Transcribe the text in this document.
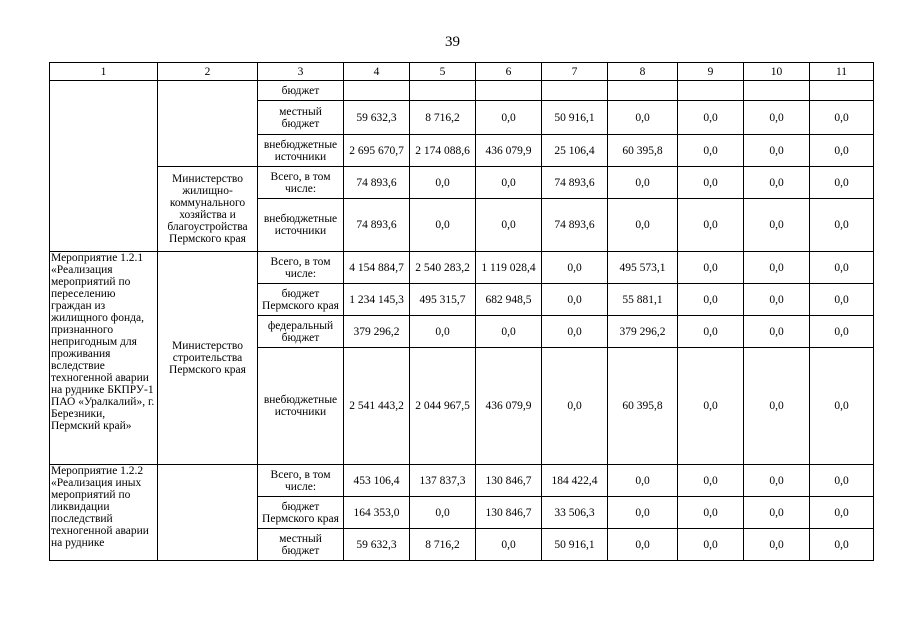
39
1	2	3	4	5	6	7	8	9	10	11
		бюджет								
		местный бюджет	59 632,3	8 716,2	0,0	50 916,1	0,0	0,0	0,0	0,0
		внебюджетные источники	2 695 670,7	2 174 088,6	436 079,9	25 106,4	60 395,8	0,0	0,0	0,0
	Министерство жилищно-коммунального хозяйства и благоустройства Пермского края	Всего, в том числе:	74 893,6	0,0	0,0	74 893,6	0,0	0,0	0,0	0,0
		внебюджетные источники	74 893,6	0,0	0,0	74 893,6	0,0	0,0	0,0	0,0
Мероприятие 1.2.1 «Реализация мероприятий по переселению граждан из жилищного фонда, признанного непригодным для проживания вследствие техногенной аварии на руднике БКПРУ-1 ПАО «Уралкалий», г. Березники, Пермский край»	Министерство строительства Пермского края	Всего, в том числе:	4 154 884,7	2 540 283,2	1 119 028,4	0,0	495 573,1	0,0	0,0	0,0
		бюджет Пермского края	1 234 145,3	495 315,7	682 948,5	0,0	55 881,1	0,0	0,0	0,0
		федеральный бюджет	379 296,2	0,0	0,0	0,0	379 296,2	0,0	0,0	0,0
		внебюджетные источники	2 541 443,2	2 044 967,5	436 079,9	0,0	60 395,8	0,0	0,0	0,0
Мероприятие 1.2.2 «Реализация иных мероприятий по ликвидации последствий техногенной аварии на руднике		Всего, в том числе:	453 106,4	137 837,3	130 846,7	184 422,4	0,0	0,0	0,0	0,0
		бюджет Пермского края	164 353,0	0,0	130 846,7	33 506,3	0,0	0,0	0,0	0,0
		местный бюджет	59 632,3	8 716,2	0,0	50 916,1	0,0	0,0	0,0	0,0
